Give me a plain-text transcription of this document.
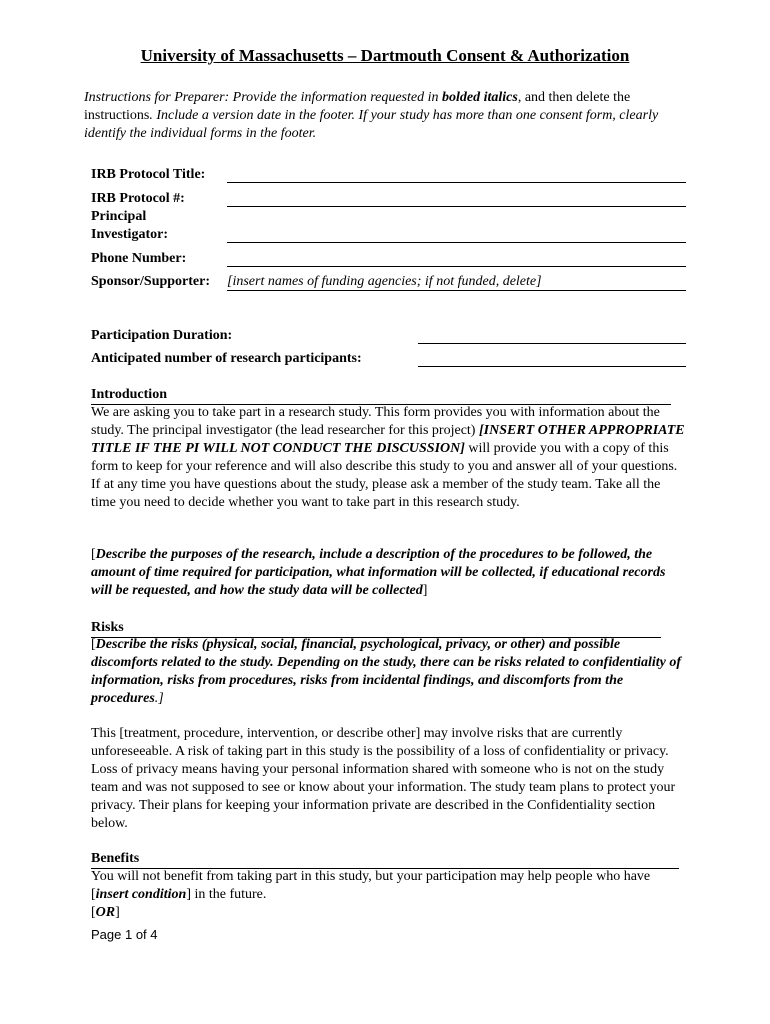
University of Massachusetts – Dartmouth Consent & Authorization
Instructions for Preparer: Provide the information requested in bolded italics, and then delete the instructions. Include a version date in the footer. If your study has more than one consent form, clearly identify the individual forms in the footer.
IRB Protocol Title:
IRB Protocol #:
Principal
Investigator:
Phone Number:
Sponsor/Supporter: [insert names of funding agencies; if not funded, delete]
Participation Duration:
Anticipated number of research participants:
Introduction
We are asking you to take part in a research study. This form provides you with information about the study. The principal investigator (the lead researcher for this project) [INSERT OTHER APPROPRIATE TITLE IF THE PI WILL NOT CONDUCT THE DISCUSSION] will provide you with a copy of this form to keep for your reference and will also describe this study to you and answer all of your questions. If at any time you have questions about the study, please ask a member of the study team. Take all the time you need to decide whether you want to take part in this research study.
[Describe the purposes of the research, include a description of the procedures to be followed, the amount of time required for participation, what information will be collected, if educational records will be requested, and how the study data will be collected]
Risks
[Describe the risks (physical, social, financial, psychological, privacy, or other) and possible discomforts related to the study. Depending on the study, there can be risks related to confidentiality of information, risks from procedures, risks from incidental findings, and discomforts from the procedures.]
This [treatment, procedure, intervention, or describe other] may involve risks that are currently unforeseeable. A risk of taking part in this study is the possibility of a loss of confidentiality or privacy. Loss of privacy means having your personal information shared with someone who is not on the study team and was not supposed to see or know about your information. The study team plans to protect your privacy. Their plans for keeping your information private are described in the Confidentiality section below.
Benefits
You will not benefit from taking part in this study, but your participation may help people who have [insert condition] in the future.
[OR]
Page 1 of 4
